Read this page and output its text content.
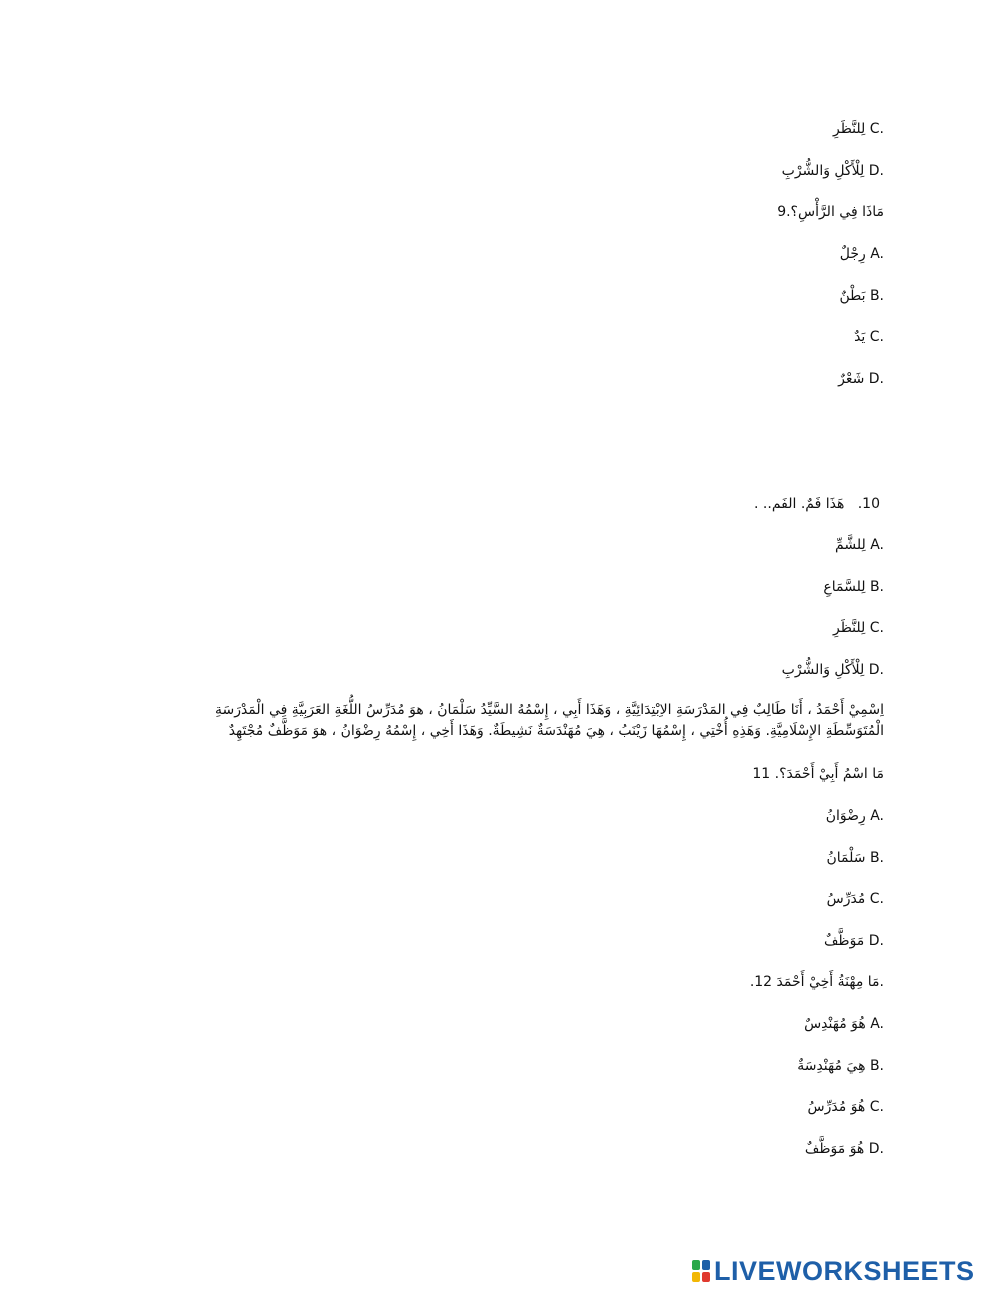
لِلنَّظَرِ C.
لِلْأَكْلِ وَالشُّرْبِ D.
9.مَاذَا فِي الرَّأْسِ؟
رِجْلٌ A.
بَطْنٌ B.
يَدٌ C.
شَعْرٌ D.
10.   هَذَا فَمٌ. الفَم.. .
لِلشَّمِّ A.
لِلسَّمَاعِ B.
لِلنَّظَرِ C.
لِلْأَكْلِ وَالشُّرْبِ D.
اِسْمِيْ أَحْمَدُ ، أَنَا طَالِبٌ فِي المَدْرَسَةِ الاِبْتِدَائِيَّةِ ، وَهَذَا أَبِي ، إِسْمُهُ السَّيِّدُ سَلْمَانُ ، هوَ مُدَرِّسُ اللُّغَةِ العَرَبِيَّةِ فِي الْمَدْرَسَةِ الْمُتَوَسِّطَةِ الإِسْلَامِيَّةِ. وَهَذِهِ أُخْتِي ، إِسْمُهَا زَيْنَبُ ، هِيَ مُهَنْدَسَةٌ نَشِيطَةٌ. وَهَذَا أَخِي ، إِسْمُهُ رِضْوَانُ ، هوَ مَوَظَّفٌ مُجْتَهِدٌ
11 .مَا اسْمُ أَبِيْ أَحْمَدَ؟
رِضْوَانُ A.
سَلْمَانُ B.
مُدَرِّسُ C.
مَوَظَّفٌ D.
.12 مَا مِهْنَةُ أَخِيْ أَحْمَدَ.
هُوَ مُهَنْدِسٌ A.
هِيَ مُهَنْدِسَةٌ B.
هُوَ مُدَرِّسُ C.
هُوَ مَوَظَّفٌ D.
LIVEWORKSHEETS
